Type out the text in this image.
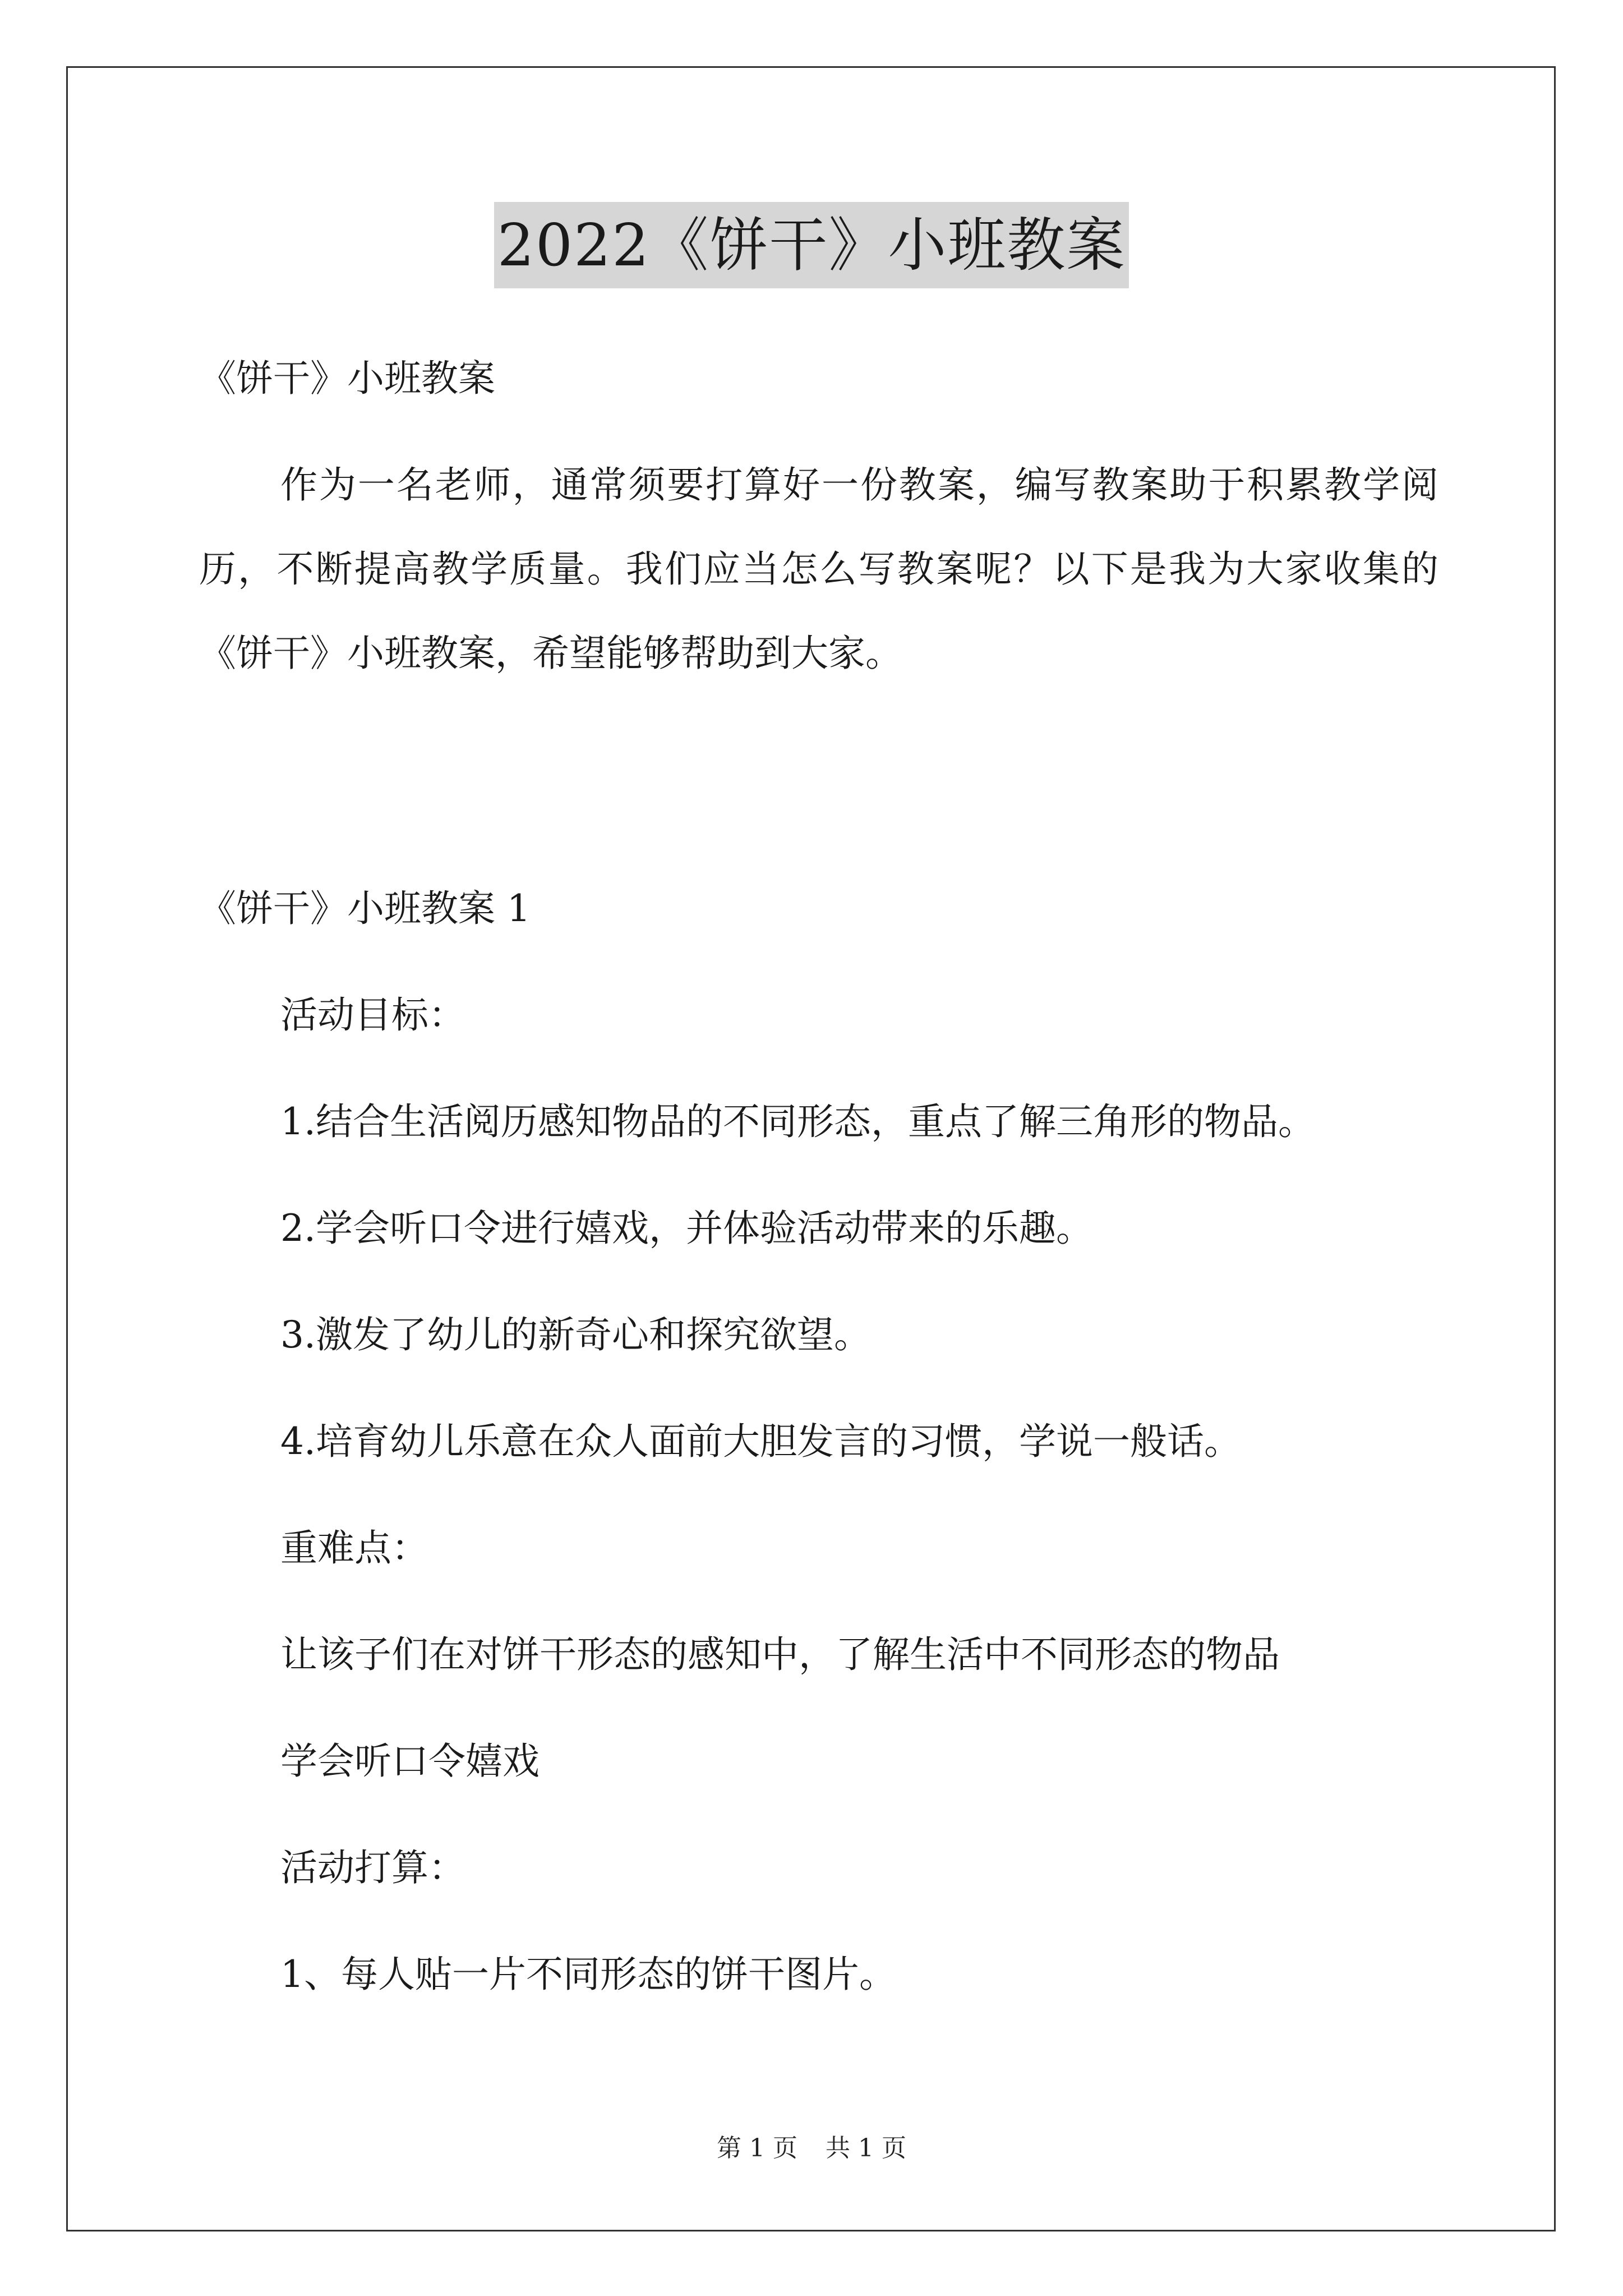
2022《饼干》小班教案

《饼干》小班教案

作为一名老师，通常须要打算好一份教案，编写教案助于积累教学阅历，不断提高教学质量。我们应当怎么写教案呢？以下是我为大家收集的《饼干》小班教案，希望能够帮助到大家。

《饼干》小班教案 1

活动目标：

1.结合生活阅历感知物品的不同形态，重点了解三角形的物品。

2.学会听口令进行嬉戏，并体验活动带来的乐趣。

3.激发了幼儿的新奇心和探究欲望。

4.培育幼儿乐意在众人面前大胆发言的习惯，学说一般话。

重难点：

让该子们在对饼干形态的感知中，了解生活中不同形态的物品

学会听口令嬉戏

活动打算：

1、每人贴一片不同形态的饼干图片。

第 1 页 共 1 页
